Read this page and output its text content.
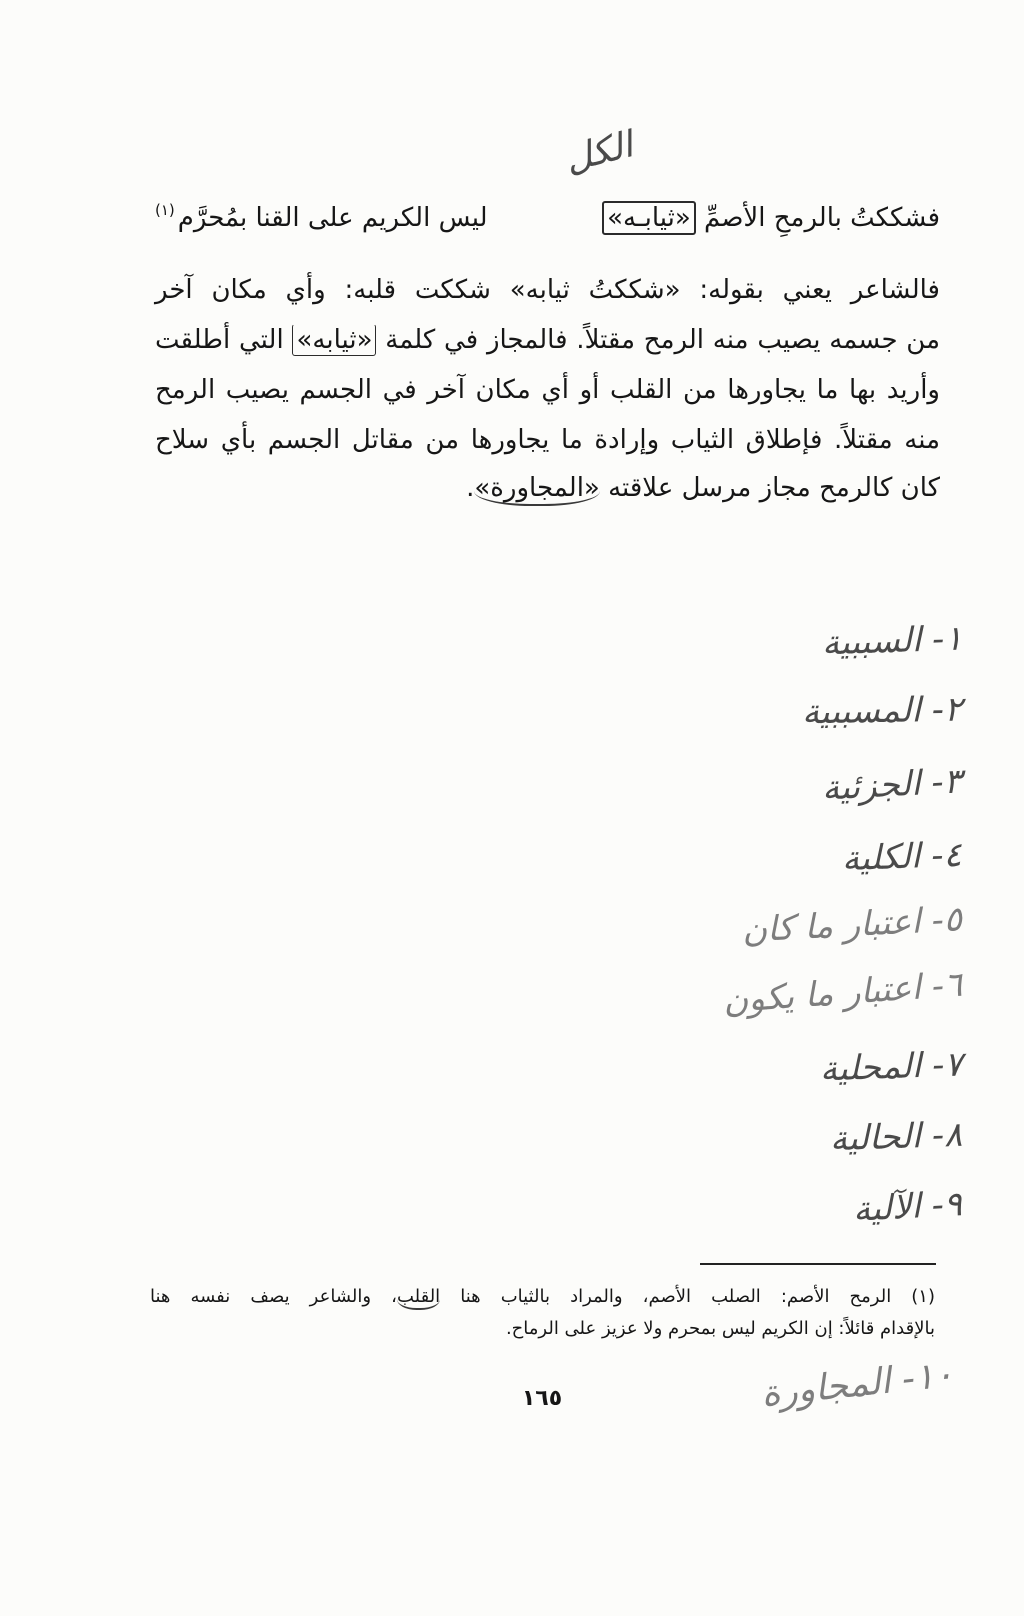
الكل
فشككتُ بالرمحِ الأصمِّ «ثيابـه»
ليس الكريم على القنا بمُحرَّم$^{(١)}$
فالشاعر يعني بقوله: «شككتُ ثيابه» شككت قلبه: وأي مكان آخر
من جسمه يصيب منه الرمح مقتلاً. فالمجاز في كلمة «ثيابه» التي أطلقت
وأريد بها ما يجاورها من القلب أو أي مكان آخر في الجسم يصيب الرمح
منه مقتلاً. فإطلاق الثياب وإرادة ما يجاورها من مقاتل الجسم بأي سلاح
كان كالرمح مجاز مرسل علاقته «المجاورة».
١- السببية
٢- المسببية
٣- الجزئية
٤- الكلية
٥- اعتبار ما كان
٦- اعتبار ما يكون
٧- المحلية
٨- الحالية
٩- الآلية
(١) الرمح الأصم: الصلب الأصم، والمراد بالثياب هنا القلب، والشاعر يصف نفسه هنا
بالإقدام قائلاً: إن الكريم ليس بمحرم ولا عزيز على الرماح.
١٠- المجاورة
١٦٥
